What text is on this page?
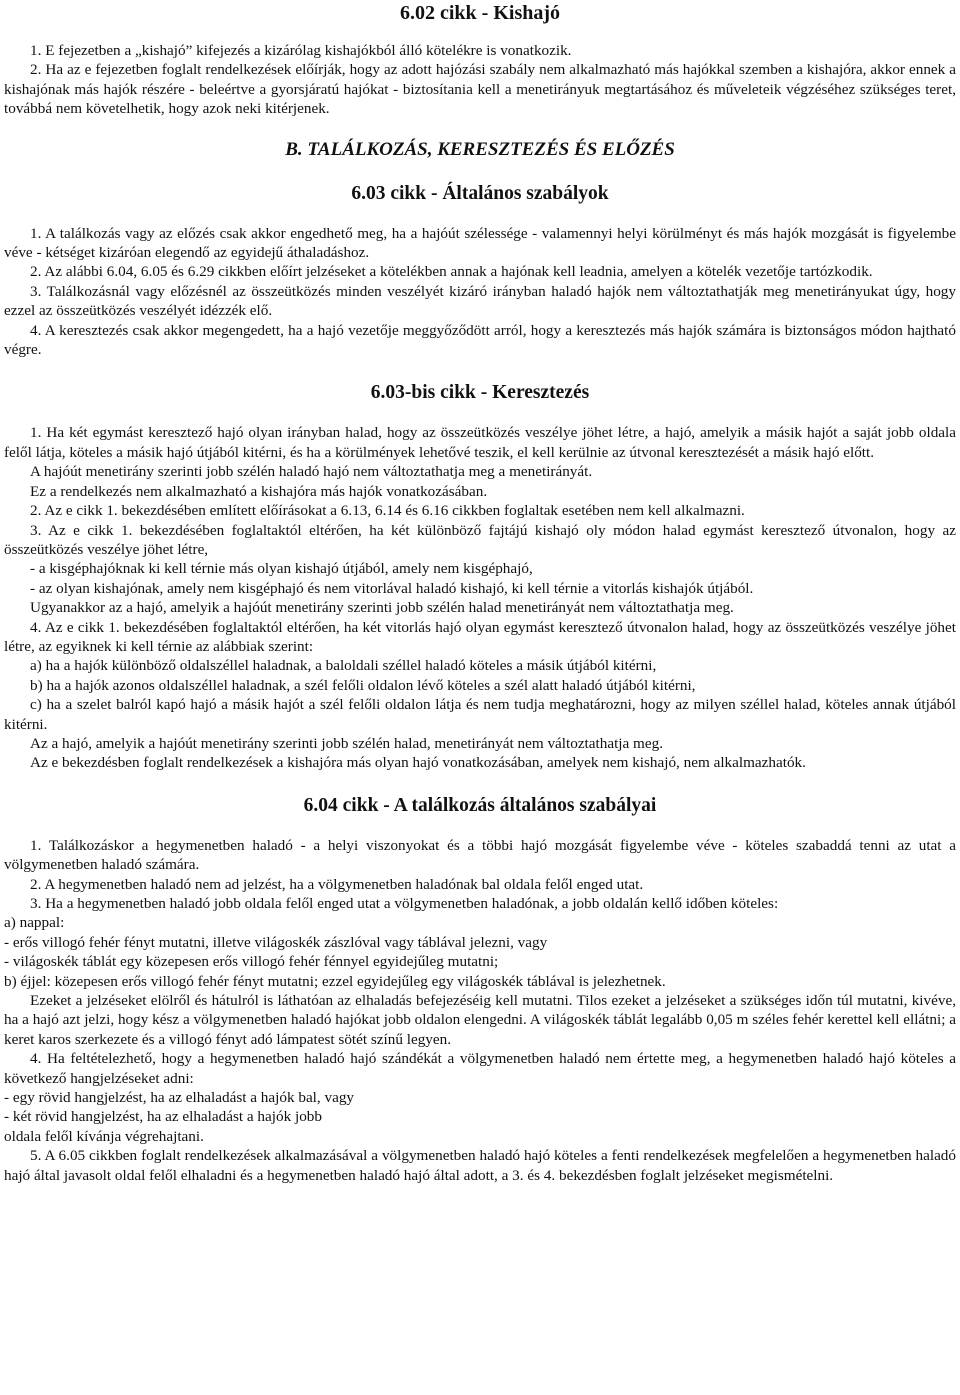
6.02 cikk - Kishajó

1. E fejezetben a „kishajó” kifejezés a kizárólag kishajókból álló kötelékre is vonatkozik.

2. Ha az e fejezetben foglalt rendelkezések előírják, hogy az adott hajózási szabály nem alkalmazható más hajókkal szemben a kishajóra, akkor ennek a kishajónak más hajók részére - beleértve a gyorsjáratú hajókat - biztosítania kell a menetirányuk megtartásához és műveleteik végzéséhez szükséges teret, továbbá nem követelhetik, hogy azok neki kitérjenek.

B. TALÁLKOZÁS, KERESZTEZÉS ÉS ELŐZÉS
6.03 cikk - Általános szabályok

1. A találkozás vagy az előzés csak akkor engedhető meg, ha a hajóút szélessége - valamennyi helyi körülményt és más hajók mozgását is figyelembe véve - kétséget kizáróan elegendő az egyidejű áthaladáshoz.

2. Az alábbi 6.04, 6.05 és 6.29 cikkben előírt jelzéseket a kötelékben annak a hajónak kell leadnia, amelyen a kötelék vezetője tartózkodik.

3. Találkozásnál vagy előzésnél az összeütközés minden veszélyét kizáró irányban haladó hajók nem változtathatják meg menetirányukat úgy, hogy ezzel az összeütközés veszélyét idézzék elő.

4. A keresztezés csak akkor megengedett, ha a hajó vezetője meggyőződött arról, hogy a keresztezés más hajók számára is biztonságos módon hajtható végre.

6.03-bis cikk - Keresztezés

1. Ha két egymást keresztező hajó olyan irányban halad, hogy az összeütközés veszélye jöhet létre, a hajó, amelyik a másik hajót a saját jobb oldala felől látja, köteles a másik hajó útjából kitérni, és ha a körülmények lehetővé teszik, el kell kerülnie az útvonal keresztezését a másik hajó előtt.

A hajóút menetirány szerinti jobb szélén haladó hajó nem változtathatja meg a menetirányát.

Ez a rendelkezés nem alkalmazható a kishajóra más hajók vonatkozásában.

2. Az e cikk 1. bekezdésében említett előírásokat a 6.13, 6.14 és 6.16 cikkben foglaltak esetében nem kell alkalmazni.

3. Az e cikk 1. bekezdésében foglaltaktól eltérően, ha két különböző fajtájú kishajó oly módon halad egymást keresztező útvonalon, hogy az összeütközés veszélye jöhet létre,

- a kisgéphajóknak ki kell térnie más olyan kishajó útjából, amely nem kisgéphajó,

- az olyan kishajónak, amely nem kisgéphajó és nem vitorlával haladó kishajó, ki kell térnie a vitorlás kishajók útjából.

Ugyanakkor az a hajó, amelyik a hajóút menetirány szerinti jobb szélén halad menetirányát nem változtathatja meg.

4. Az e cikk 1. bekezdésében foglaltaktól eltérően, ha két vitorlás hajó olyan egymást keresztező útvonalon halad, hogy az összeütközés veszélye jöhet létre, az egyiknek ki kell térnie az alábbiak szerint:

a) ha a hajók különböző oldalszéllel haladnak, a baloldali széllel haladó köteles a másik útjából kitérni,

b) ha a hajók azonos oldalszéllel haladnak, a szél felőli oldalon lévő köteles a szél alatt haladó útjából kitérni,

c) ha a szelet balról kapó hajó a másik hajót a szél felőli oldalon látja és nem tudja meghatározni, hogy az milyen széllel halad, köteles annak útjából kitérni.

Az a hajó, amelyik a hajóút menetirány szerinti jobb szélén halad, menetirányát nem változtathatja meg.

Az e bekezdésben foglalt rendelkezések a kishajóra más olyan hajó vonatkozásában, amelyek nem kishajó, nem alkalmazhatók.

6.04 cikk - A találkozás általános szabályai

1. Találkozáskor a hegymenetben haladó - a helyi viszonyokat és a többi hajó mozgását figyelembe véve - köteles szabaddá tenni az utat a völgymenetben haladó számára.

2. A hegymenetben haladó nem ad jelzést, ha a völgymenetben haladónak bal oldala felől enged utat.

3. Ha a hegymenetben haladó jobb oldala felől enged utat a völgymenetben haladónak, a jobb oldalán kellő időben köteles:

a) nappal:

- erős villogó fehér fényt mutatni, illetve világoskék zászlóval vagy táblával jelezni, vagy

- világoskék táblát egy közepesen erős villogó fehér fénnyel egyidejűleg mutatni;

b) éjjel: közepesen erős villogó fehér fényt mutatni; ezzel egyidejűleg egy világoskék táblával is jelezhetnek.

Ezeket a jelzéseket elölről és hátulról is láthatóan az elhaladás befejezéséig kell mutatni. Tilos ezeket a jelzéseket a szükséges időn túl mutatni, kivéve, ha a hajó azt jelzi, hogy kész a völgymenetben haladó hajókat jobb oldalon elengedni. A világoskék táblát legalább 0,05 m széles fehér kerettel kell ellátni; a keret karos szerkezete és a villogó fényt adó lámpatest sötét színű legyen.

4. Ha feltételezhető, hogy a hegymenetben haladó hajó szándékát a völgymenetben haladó nem értette meg, a hegymenetben haladó hajó köteles a következő hangjelzéseket adni:

- egy rövid hangjelzést, ha az elhaladást a hajók bal, vagy

- két rövid hangjelzést, ha az elhaladást a hajók jobb

oldala felől kívánja végrehajtani.

5. A 6.05 cikkben foglalt rendelkezések alkalmazásával a völgymenetben haladó hajó köteles a fenti rendelkezések megfelelően a hegymenetben haladó hajó által javasolt oldal felől elhaladni és a hegymenetben haladó hajó által adott, a 3. és 4. bekezdésben foglalt jelzéseket megismételni.
